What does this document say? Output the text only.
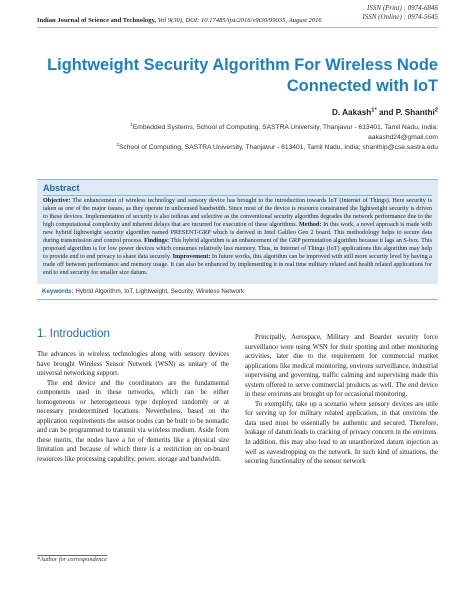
ISSN (Print) : 0974-6846
ISSN (Online) : 0974-5645
Indian Journal of Science and Technology, Vol 9(30), DOI: 10.17485/ijst/2016/v9i30/99035, August 2016
Lightweight Security Algorithm For Wireless Node
Connected with IoT
D. Aakash$^{1*}$ and P. Shanthi$^2$
$^1$Embedded Systems, School of Computing, SASTRA University, Thanjavur - 613401, Tamil Nadu, India;
aakashd24@gmail.com
$^2$School of Computing, SASTRA University, Thanjavur - 613401, Tamil Nadu, India; shanthip@cse.sastra.edu
Abstract
Objective: The enhancement of wireless technology and sensory device has brought to the introduction towards IoT (Internet of Things). Here security is taken as one of the major issues, as they operate in unlicensed bandwidth. Since most of the device is resource constrained the lightweight security is driven to these devices. Implementation of security is also tedious and selective as the conventional security algorithm degrades the network performance due to the high computational complexity and inherent delays that are incurred for execution of these algorithms. Method: In this work, a novel approach is made with new hybrid lightweight security algorithm named PRESENT-GRP which is derived in Intel Galileo Gen 2 board. This methodology helps to secure data during transmission and control process. Findings: This hybrid algorithm is an enhancement of the GRP permutation algorithm because it lags an S-box. This proposed algorithm is for low power devices which consumes relatively less memory. Thus, in Internet of Things (IoT) applications this algorithm may help to provide end to end privacy to share data securely. Improvement: In future works, this algorithm can be improved with still more security level by having a trade off between performance and memory usage. It can also be enhanced by implementing it in real time military related and health related applications for end to end security for smaller size datum.
Keywords: Hybrid Algorithm, IoT, Lightweight, Security, Wireless Network
1. Introduction

The advances in wireless technologies along with sensory devices have brought Wireless Sensor Network (WSN) as unitary of the universal networking support.

The end device and the coordinators are the fundamental components used in these networks, which can be either homogeneous or heterogeneous type deployed randomly or at necessary predetermined locations. Nevertheless, based on the application requirements the sensor nodes can be built to be nomadic and can be programmed to transmit via wireless medium. Aside from these merits, the nodes have a lot of demerits like a physical size limitation and because of which there is a restriction on on-board resources like processing capability, power, storage and bandwidth.

Principally, Aerospace, Military and Boarder security force surveillance were using WSN for their spotting and other monitoring activities, later due to the requirement for commercial market applications like medical monitoring, environs surveillance, industrial supervising and governing, traffic calming and supervising made this system offered to serve commercial products as well. The end device in these environs are brought up for occasional monitoring.

To exemplify, take up a scenario where sensory devices are utile for serving up for military related application, in that environs the data used must be essentially be authentic and secured. Therefore, leakage of datum leads to cracking of privacy concern in the environs. In addition, this may also lead to an unauthorized datum injection as well as eavesdropping on the network. In such kind of situations, the securing functionality of the sensor network

*Author for correspondence
